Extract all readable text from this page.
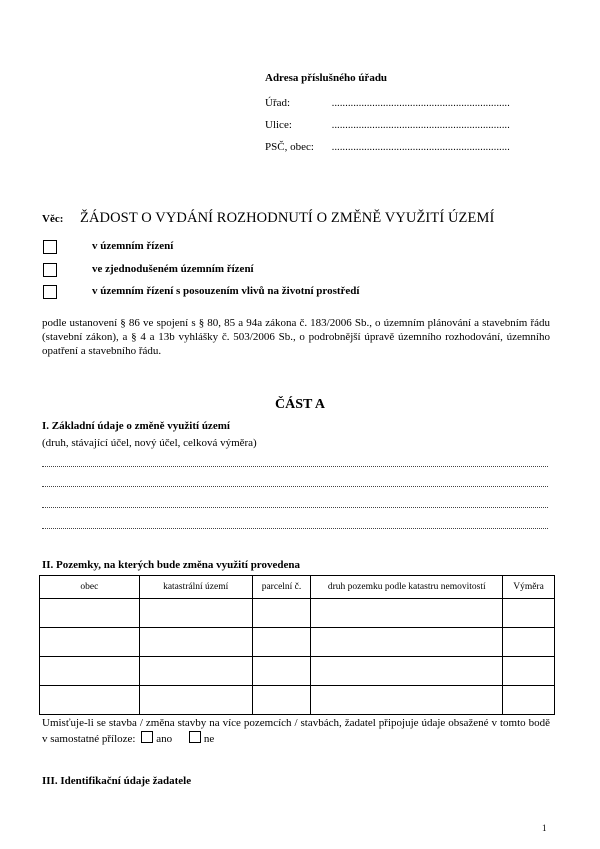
Adresa příslušného úřadu
Úřad:	..................................................................
Ulice:	..................................................................
PSČ, obec: ..................................................................
Věc: ŽÁDOST O VYDÁNÍ ROZHODNUTÍ O ZMĚNĚ VYUŽITÍ ÚZEMÍ
v územním řízení
ve zjednodušeném územním řízení
v územním řízení s posouzením vlivů na životní prostředí
podle ustanovení § 86 ve spojení s § 80, 85 a 94a zákona č. 183/2006 Sb., o územním plánování a stavebním řádu (stavební zákon), a § 4 a 13b vyhlášky č. 503/2006 Sb., o podrobnější úpravě územního rozhodování, územního opatření a stavebního řádu.
ČÁST A
I. Základní údaje o změně využití území
(druh, stávající účel, nový účel, celková výměra)
II. Pozemky, na kterých bude změna využití provedena
obec	katastrální území	parcelní č.	druh pozemku podle katastru nemovitostí	Výměra

Umisťuje-li se stavba / změna stavby na více pozemcích / stavbách, žadatel připojuje údaje obsažené v tomto bodě v samostatné příloze: ano	ne
III. Identifikační údaje žadatele
1
